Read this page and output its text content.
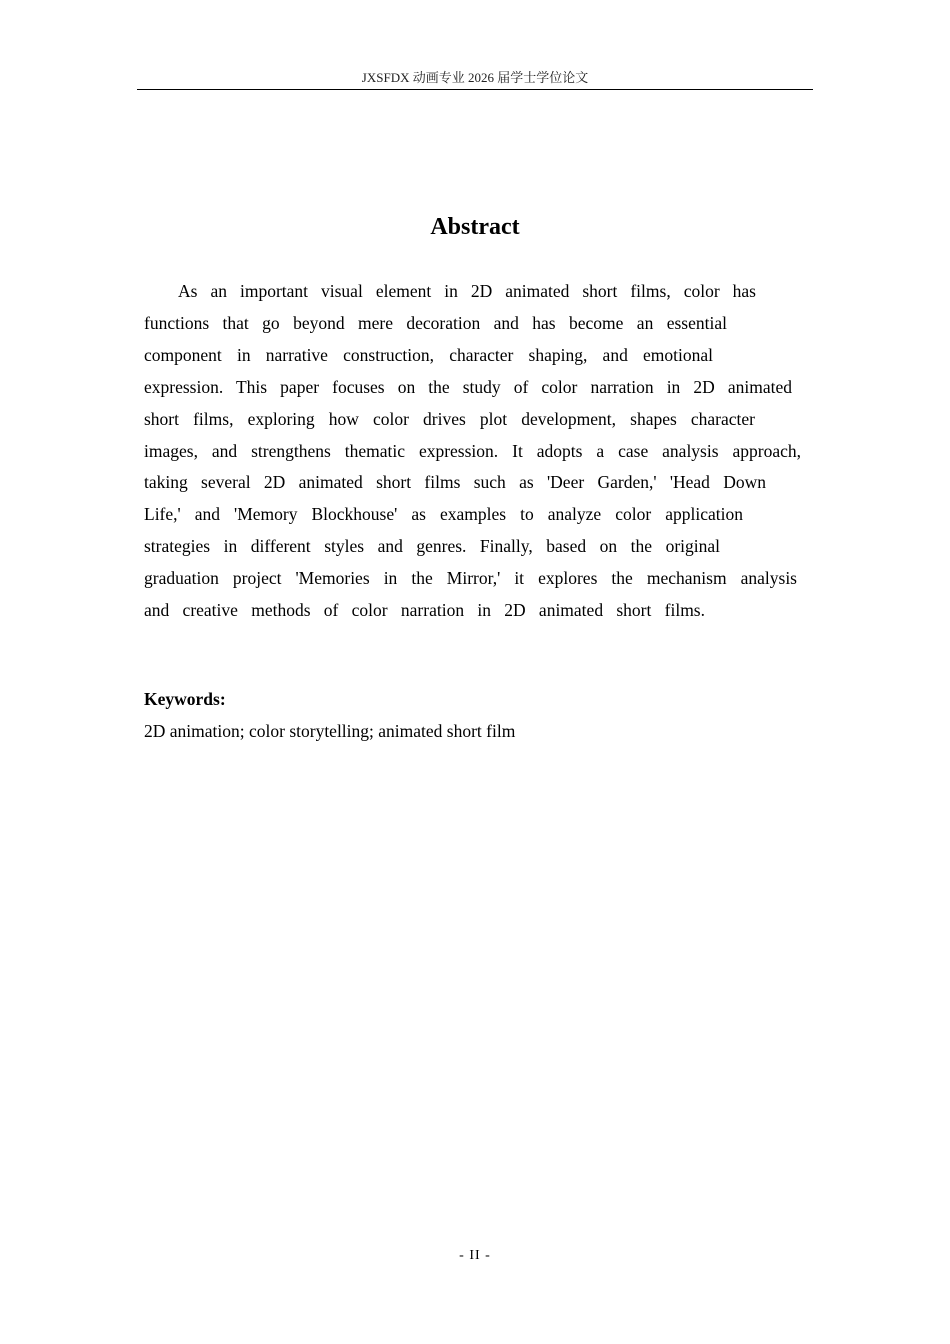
JXSFDX 动画专业 2026 届学士学位论文
Abstract
As an important visual element in 2D animated short films, color has
functions that go beyond mere decoration and has become an essential
component in narrative construction, character shaping, and emotional
expression. This paper focuses on the study of color narration in 2D animated
short films, exploring how color drives plot development, shapes character
images, and strengthens thematic expression. It adopts a case analysis approach,
taking several 2D animated short films such as 'Deer Garden,' 'Head Down
Life,' and 'Memory Blockhouse' as examples to analyze color application
strategies in different styles and genres. Finally, based on the original
graduation project 'Memories in the Mirror,' it explores the mechanism analysis
and creative methods of color narration in 2D animated short films.
Keywords:
2D animation; color storytelling; animated short film
- II -
